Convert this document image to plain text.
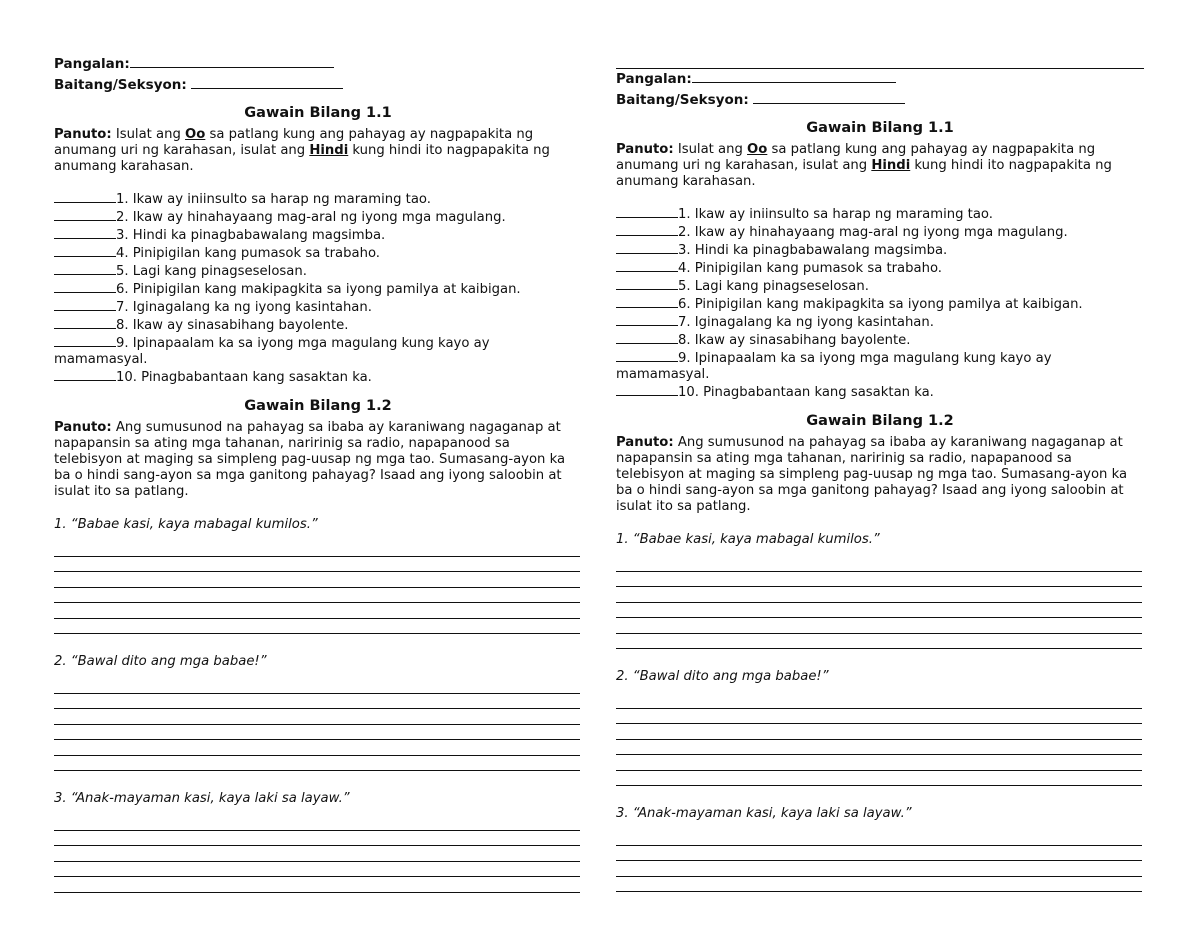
Pangalan:
Baitang/Seksyon:
Gawain Bilang 1.1
Panuto: Isulat ang Oo sa patlang kung ang pahayag ay nagpapakita ng anumang uri ng karahasan, isulat ang Hindi kung hindi ito nagpapakita ng anumang karahasan.
1. Ikaw ay iniinsulto sa harap ng maraming tao.
2. Ikaw ay hinahayaang mag-aral ng iyong mga magulang.
3. Hindi ka pinagbabawalang magsimba.
4. Pinipigilan kang pumasok sa trabaho.
5. Lagi kang pinagseselosan.
6. Pinipigilan kang makipagkita sa iyong pamilya at kaibigan.
7. Iginagalang ka ng iyong kasintahan.
8. Ikaw ay sinasabihang bayolente.
9. Ipinapaalam ka sa iyong mga magulang kung kayo ay mamamasyal.
10. Pinagbabantaan kang sasaktan ka.
Gawain Bilang 1.2
Panuto: Ang sumusunod na pahayag sa ibaba ay karaniwang nagaganap at napapansin sa ating mga tahanan, naririnig sa radio, napapanood sa telebisyon at maging sa simpleng pag-uusap ng mga tao. Sumasang-ayon ka ba o hindi sang-ayon sa mga ganitong pahayag? Isaad ang iyong saloobin at isulat ito sa patlang.
1. “Babae kasi, kaya mabagal kumilos.”
2. “Bawal dito ang mga babae!”
3. “Anak-mayaman kasi, kaya laki sa layaw.”
Pangalan:
Baitang/Seksyon:
Gawain Bilang 1.1
Panuto: Isulat ang Oo sa patlang kung ang pahayag ay nagpapakita ng anumang uri ng karahasan, isulat ang Hindi kung hindi ito nagpapakita ng anumang karahasan.
1. Ikaw ay iniinsulto sa harap ng maraming tao.
2. Ikaw ay hinahayaang mag-aral ng iyong mga magulang.
3. Hindi ka pinagbabawalang magsimba.
4. Pinipigilan kang pumasok sa trabaho.
5. Lagi kang pinagseselosan.
6. Pinipigilan kang makipagkita sa iyong pamilya at kaibigan.
7. Iginagalang ka ng iyong kasintahan.
8. Ikaw ay sinasabihang bayolente.
9. Ipinapaalam ka sa iyong mga magulang kung kayo ay mamamasyal.
10. Pinagbabantaan kang sasaktan ka.
Gawain Bilang 1.2
Panuto: Ang sumusunod na pahayag sa ibaba ay karaniwang nagaganap at napapansin sa ating mga tahanan, naririnig sa radio, napapanood sa telebisyon at maging sa simpleng pag-uusap ng mga tao. Sumasang-ayon ka ba o hindi sang-ayon sa mga ganitong pahayag? Isaad ang iyong saloobin at isulat ito sa patlang.
1. “Babae kasi, kaya mabagal kumilos.”
2. “Bawal dito ang mga babae!”
3. “Anak-mayaman kasi, kaya laki sa layaw.”
